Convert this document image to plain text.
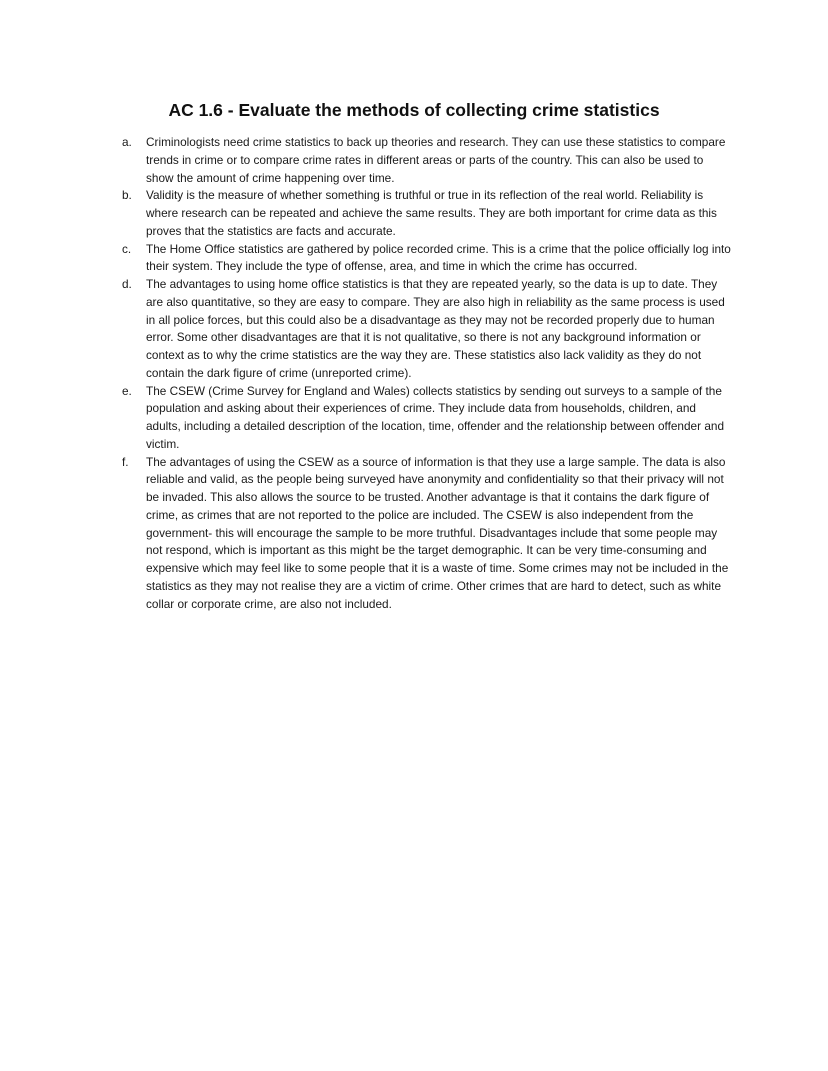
AC 1.6 - Evaluate the methods of collecting crime statistics
a.	Criminologists need crime statistics to back up theories and research. They can use these statistics to compare trends in crime or to compare crime rates in different areas or parts of the country. This can also be used to show the amount of crime happening over time.
b.	Validity is the measure of whether something is truthful or true in its reflection of the real world. Reliability is where research can be repeated and achieve the same results. They are both important for crime data as this proves that the statistics are facts and accurate.
c.	The Home Office statistics are gathered by police recorded crime. This is a crime that the police officially log into their system. They include the type of offense, area, and time in which the crime has occurred.
d.	The advantages to using home office statistics is that they are repeated yearly, so the data is up to date. They are also quantitative, so they are easy to compare. They are also high in reliability as the same process is used in all police forces, but this could also be a disadvantage as they may not be recorded properly due to human error. Some other disadvantages are that it is not qualitative, so there is not any background information or context as to why the crime statistics are the way they are. These statistics also lack validity as they do not contain the dark figure of crime (unreported crime).
e.	The CSEW (Crime Survey for England and Wales) collects statistics by sending out surveys to a sample of the population and asking about their experiences of crime. They include data from households, children, and adults, including a detailed description of the location, time, offender and the relationship between offender and victim.
f.	The advantages of using the CSEW as a source of information is that they use a large sample. The data is also reliable and valid, as the people being surveyed have anonymity and confidentiality so that their privacy will not be invaded. This also allows the source to be trusted. Another advantage is that it contains the dark figure of crime, as crimes that are not reported to the police are included. The CSEW is also independent from the government- this will encourage the sample to be more truthful. Disadvantages include that some people may not respond, which is important as this might be the target demographic. It can be very time-consuming and expensive which may feel like to some people that it is a waste of time. Some crimes may not be included in the statistics as they may not realise they are a victim of crime. Other crimes that are hard to detect, such as white collar or corporate crime, are also not included.
